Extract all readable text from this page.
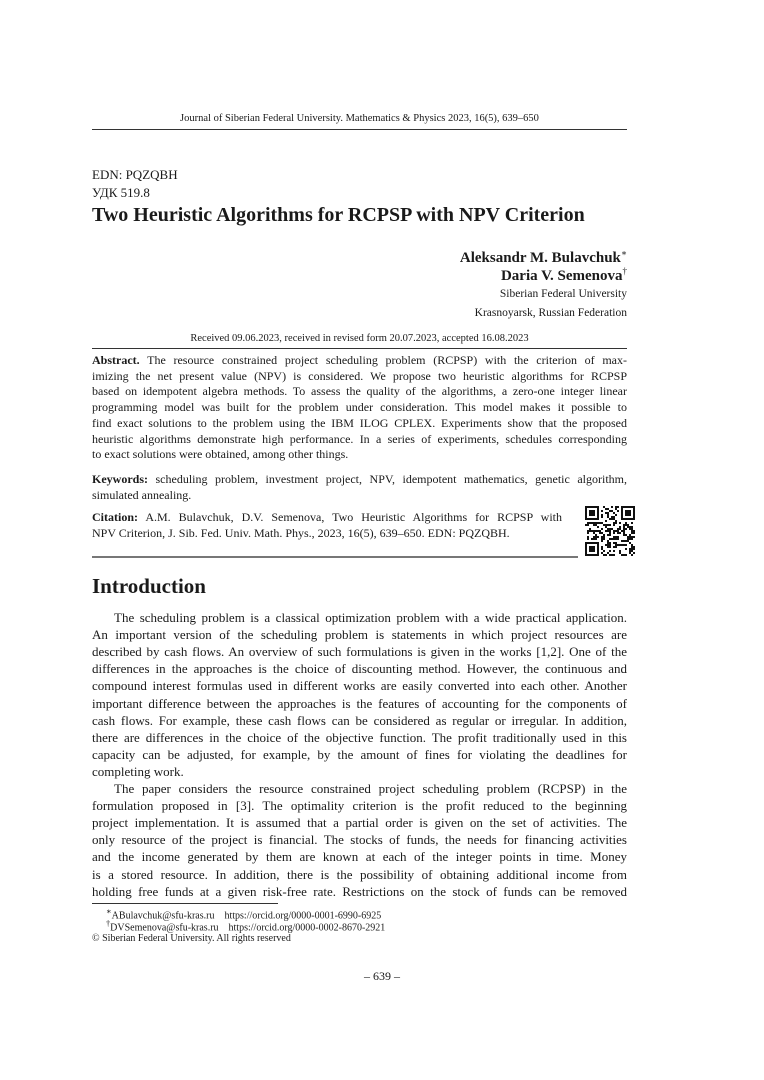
Journal of Siberian Federal University. Mathematics & Physics 2023, 16(5), 639–650
EDN: PQZQBH
УДК 519.8
Two Heuristic Algorithms for RCPSP with NPV Criterion
Aleksandr M. Bulavchuk∗
Daria V. Semenova†
Siberian Federal University
Krasnoyarsk, Russian Federation
Received 09.06.2023, received in revised form 20.07.2023, accepted 16.08.2023
Abstract. The resource constrained project scheduling problem (RCPSP) with the criterion of max-
imizing the net present value (NPV) is considered. We propose two heuristic algorithms for RCPSP
based on idempotent algebra methods. To assess the quality of the algorithms, a zero-one integer linear
programming model was built for the problem under consideration. This model makes it possible to
find exact solutions to the problem using the IBM ILOG CPLEX. Experiments show that the proposed
heuristic algorithms demonstrate high performance. In a series of experiments, schedules corresponding
to exact solutions were obtained, among other things.
Keywords: scheduling problem, investment project, NPV, idempotent mathematics, genetic algorithm,
simulated annealing.
Citation: A.M. Bulavchuk, D.V. Semenova, Two Heuristic Algorithms for RCPSP with
NPV Criterion, J. Sib. Fed. Univ. Math. Phys., 2023, 16(5), 639–650. EDN: PQZQBH.
Introduction
The scheduling problem is a classical optimization problem with a wide practical application.
An important version of the scheduling problem is statements in which project resources are
described by cash flows. An overview of such formulations is given in the works [1,2]. One of the
differences in the approaches is the choice of discounting method. However, the continuous and
compound interest formulas used in different works are easily converted into each other. Another
important difference between the approaches is the features of accounting for the components of
cash flows. For example, these cash flows can be considered as regular or irregular. In addition,
there are differences in the choice of the objective function. The profit traditionally used in this
capacity can be adjusted, for example, by the amount of fines for violating the deadlines for
completing work.
The paper considers the resource constrained project scheduling problem (RCPSP) in the
formulation proposed in [3]. The optimality criterion is the profit reduced to the beginning
project implementation. It is assumed that a partial order is given on the set of activities. The
only resource of the project is financial. The stocks of funds, the needs for financing activities
and the income generated by them are known at each of the integer points in time. Money
is a stored resource. In addition, there is the possibility of obtaining additional income from
holding free funds at a given risk-free rate. Restrictions on the stock of funds can be removed
∗ABulavchuk@sfu-kras.ru https://orcid.org/0000-0001-6990-6925
†DVSemenova@sfu-kras.ru https://orcid.org/0000-0002-8670-2921
© Siberian Federal University. All rights reserved
– 639 –
